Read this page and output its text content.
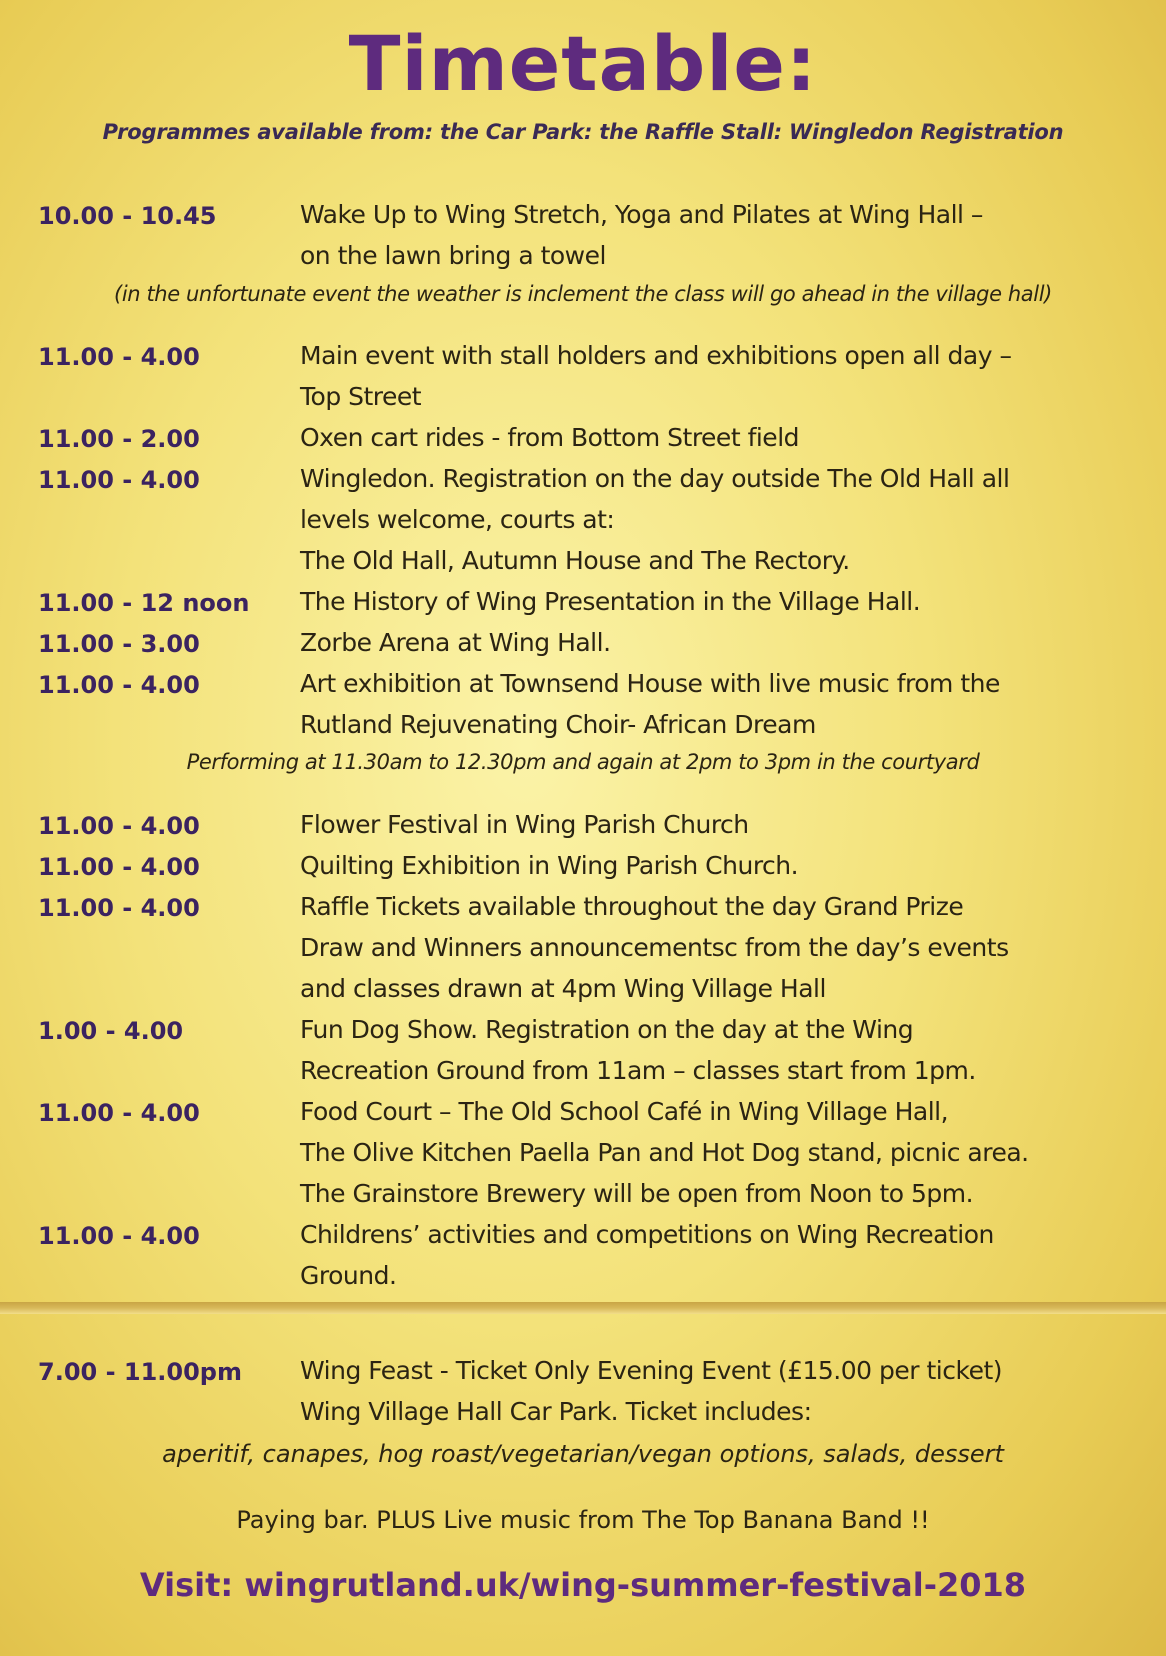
Timetable:
Programmes available from: the Car Park: the Raffle Stall: Wingledon Registration
10.00 - 10.45	Wake Up to Wing Stretch, Yoga and Pilates at Wing Hall –
on the lawn bring a towel
(in the unfortunate event the weather is inclement the class will go ahead in the village hall)
11.00 - 4.00	Main event with stall holders and exhibitions open all day –
Top Street
11.00 - 2.00	Oxen cart rides - from Bottom Street field
11.00 - 4.00	Wingledon. Registration on the day outside The Old Hall all
levels welcome, courts at:
The Old Hall, Autumn House and The Rectory.
11.00 - 12 noon The History of Wing Presentation in the Village Hall.
11.00 - 3.00	Zorbe Arena at Wing Hall.
11.00 - 4.00	Art exhibition at Townsend House with live music from the
Rutland Rejuvenating Choir- African Dream
Performing at 11.30am to 12.30pm and again at 2pm to 3pm in the courtyard
11.00 - 4.00	Flower Festival in Wing Parish Church
11.00 - 4.00	Quilting Exhibition in Wing Parish Church.
11.00 - 4.00	Raffle Tickets available throughout the day Grand Prize
Draw and Winners announcementsc from the day’s events
and classes drawn at 4pm Wing Village Hall
1.00 - 4.00	Fun Dog Show. Registration on the day at the Wing
Recreation Ground from 11am – classes start from 1pm.
11.00 - 4.00	Food Court – The Old School Café in Wing Village Hall,
The Olive Kitchen Paella Pan and Hot Dog stand, picnic area.
The Grainstore Brewery will be open from Noon to 5pm.
11.00 - 4.00	Childrens’ activities and competitions on Wing Recreation
Ground.
7.00 - 11.00pm Wing Feast - Ticket Only Evening Event (£15.00 per ticket)
Wing Village Hall Car Park. Ticket includes:
aperitif, canapes, hog roast/vegetarian/vegan options, salads, dessert
Paying bar. PLUS Live music from The Top Banana Band !!
Visit: wingrutland.uk/wing-summer-festival-2018
